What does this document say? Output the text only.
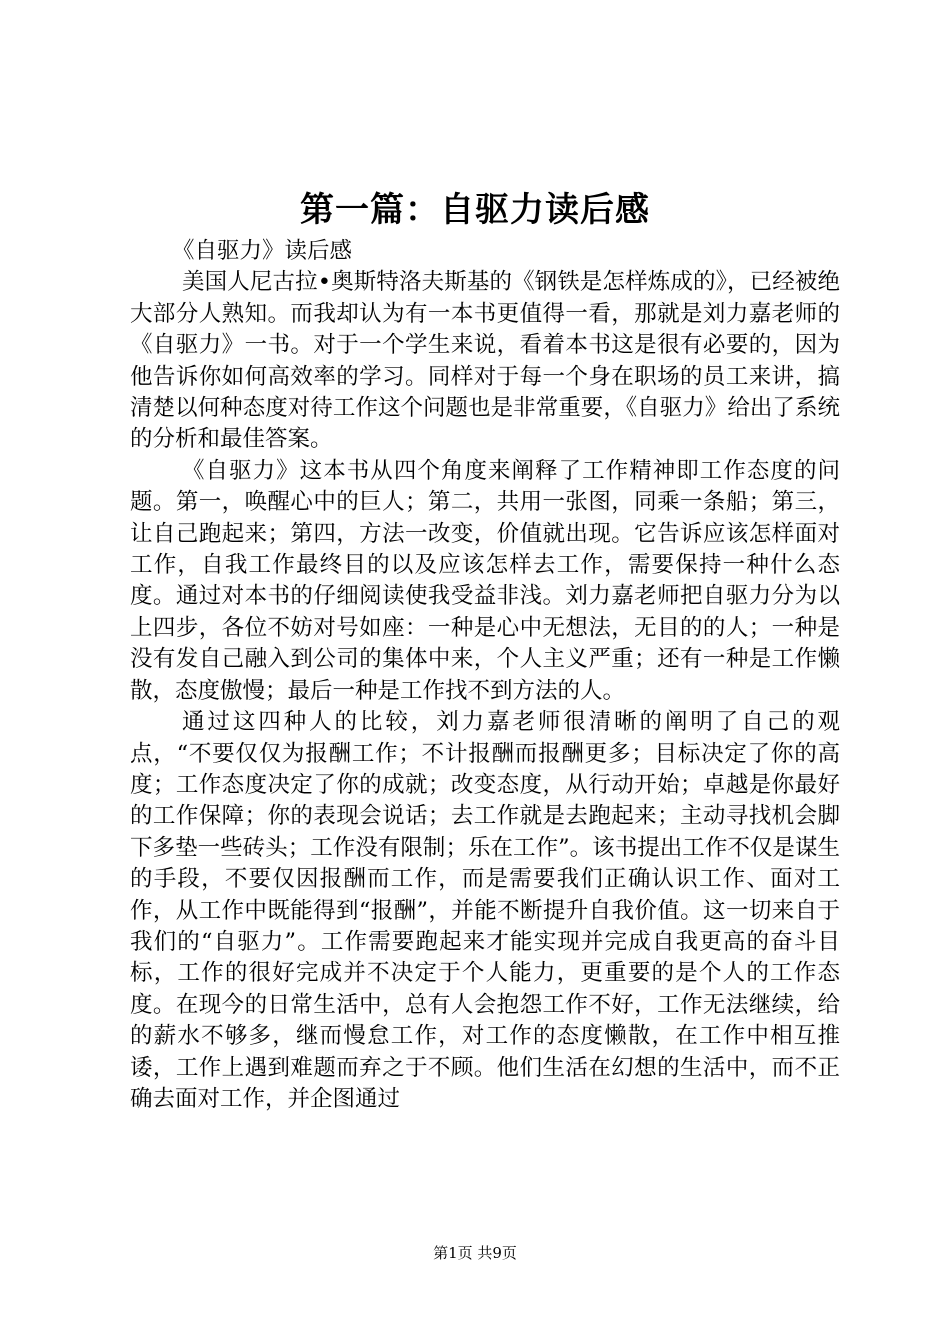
第一篇：自驱力读后感

《自驱力》读后感

美国人尼古拉•奥斯特洛夫斯基的《钢铁是怎样炼成的》，已经被绝大部分人熟知。而我却认为有一本书更值得一看，那就是刘力嘉老师的《自驱力》一书。对于一个学生来说，看着本书这是很有必要的，因为他告诉你如何高效率的学习。同样对于每一个身在职场的员工来讲，搞清楚以何种态度对待工作这个问题也是非常重要，《自驱力》给出了系统的分析和最佳答案。

《自驱力》这本书从四个角度来阐释了工作精神即工作态度的问题。第一，唤醒心中的巨人；第二，共用一张图，同乘一条船；第三，让自己跑起来；第四，方法一改变，价值就出现。它告诉应该怎样面对工作，自我工作最终目的以及应该怎样去工作，需要保持一种什么态度。通过对本书的仔细阅读使我受益非浅。刘力嘉老师把自驱力分为以上四步，各位不妨对号如座：一种是心中无想法，无目的的人；一种是没有发自己融入到公司的集体中来，个人主义严重；还有一种是工作懒散，态度傲慢；最后一种是工作找不到方法的人。

通过这四种人的比较，刘力嘉老师很清晰的阐明了自己的观点，“不要仅仅为报酬工作；不计报酬而报酬更多；目标决定了你的高度；工作态度决定了你的成就；改变态度，从行动开始；卓越是你最好的工作保障；你的表现会说话；去工作就是去跑起来；主动寻找机会脚下多垫一些砖头；工作没有限制；乐在工作”。该书提出工作不仅是谋生的手段，不要仅因报酬而工作，而是需要我们正确认识工作、面对工作，从工作中既能得到“报酬”，并能不断提升自我价值。这一切来自于我们的“自驱力”。工作需要跑起来才能实现并完成自我更高的奋斗目标，工作的很好完成并不决定于个人能力，更重要的是个人的工作态度。在现今的日常生活中，总有人会抱怨工作不好，工作无法继续，给的薪水不够多，继而慢怠工作，对工作的态度懒散，在工作中相互推诿，工作上遇到难题而弃之于不顾。他们生活在幻想的生活中，而不正确去面对工作，并企图通过

第1页 共9页
